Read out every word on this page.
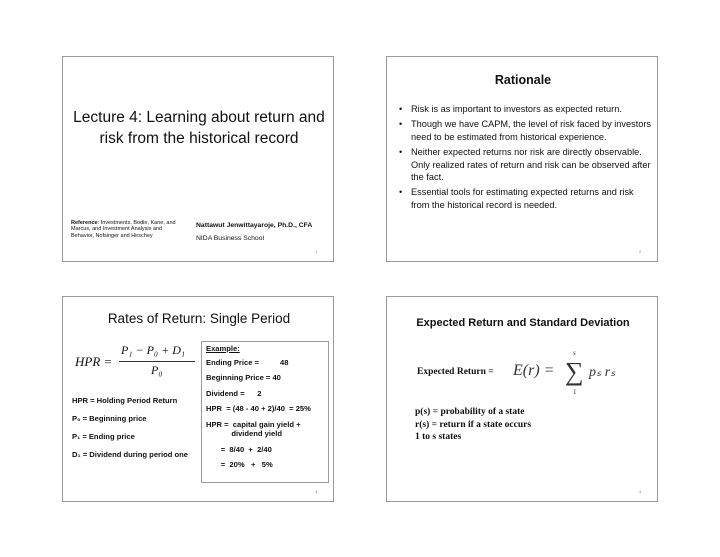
Lecture 4: Learning about return and risk from the historical record
Reference: Investments, Bodie, Kane, and Marcus, and Investment Analysis and Behavior, Nofsinger and Hirschey
Nattawut Jenwittayaroje, Ph.D., CFA
NIDA Business School
1
Rationale
• Risk is as important to investors as expected return.
• Though we have CAPM, the level of risk faced by investors need to be estimated from historical experience.
• Neither expected returns nor risk are directly observable. Only realized rates of return and risk can be observed after the fact.
• Essential tools for estimating expected returns and risk from the historical record is needed.
2
Rates of Return: Single Period
HPR =
P₁ − P₀ + D₁
P₀
HPR = Holding Period Return
P₀ = Beginning price
P₁ = Ending price
D₁ = Dividend during period one
Example:
Ending Price =          48
Beginning Price = 40
Dividend =      2
HPR  = (48 - 40 + 2)/40  = 25%
HPR =  capital gain yield +
dividend yield
=  8/40  +  2/40
=  20%   +   5%
3
Expected Return and Standard Deviation
Expected Return = E(r) =
s
∑
1
pₛ rₛ
p(s) = probability of a state
r(s) = return if a state occurs
1 to s states
4
